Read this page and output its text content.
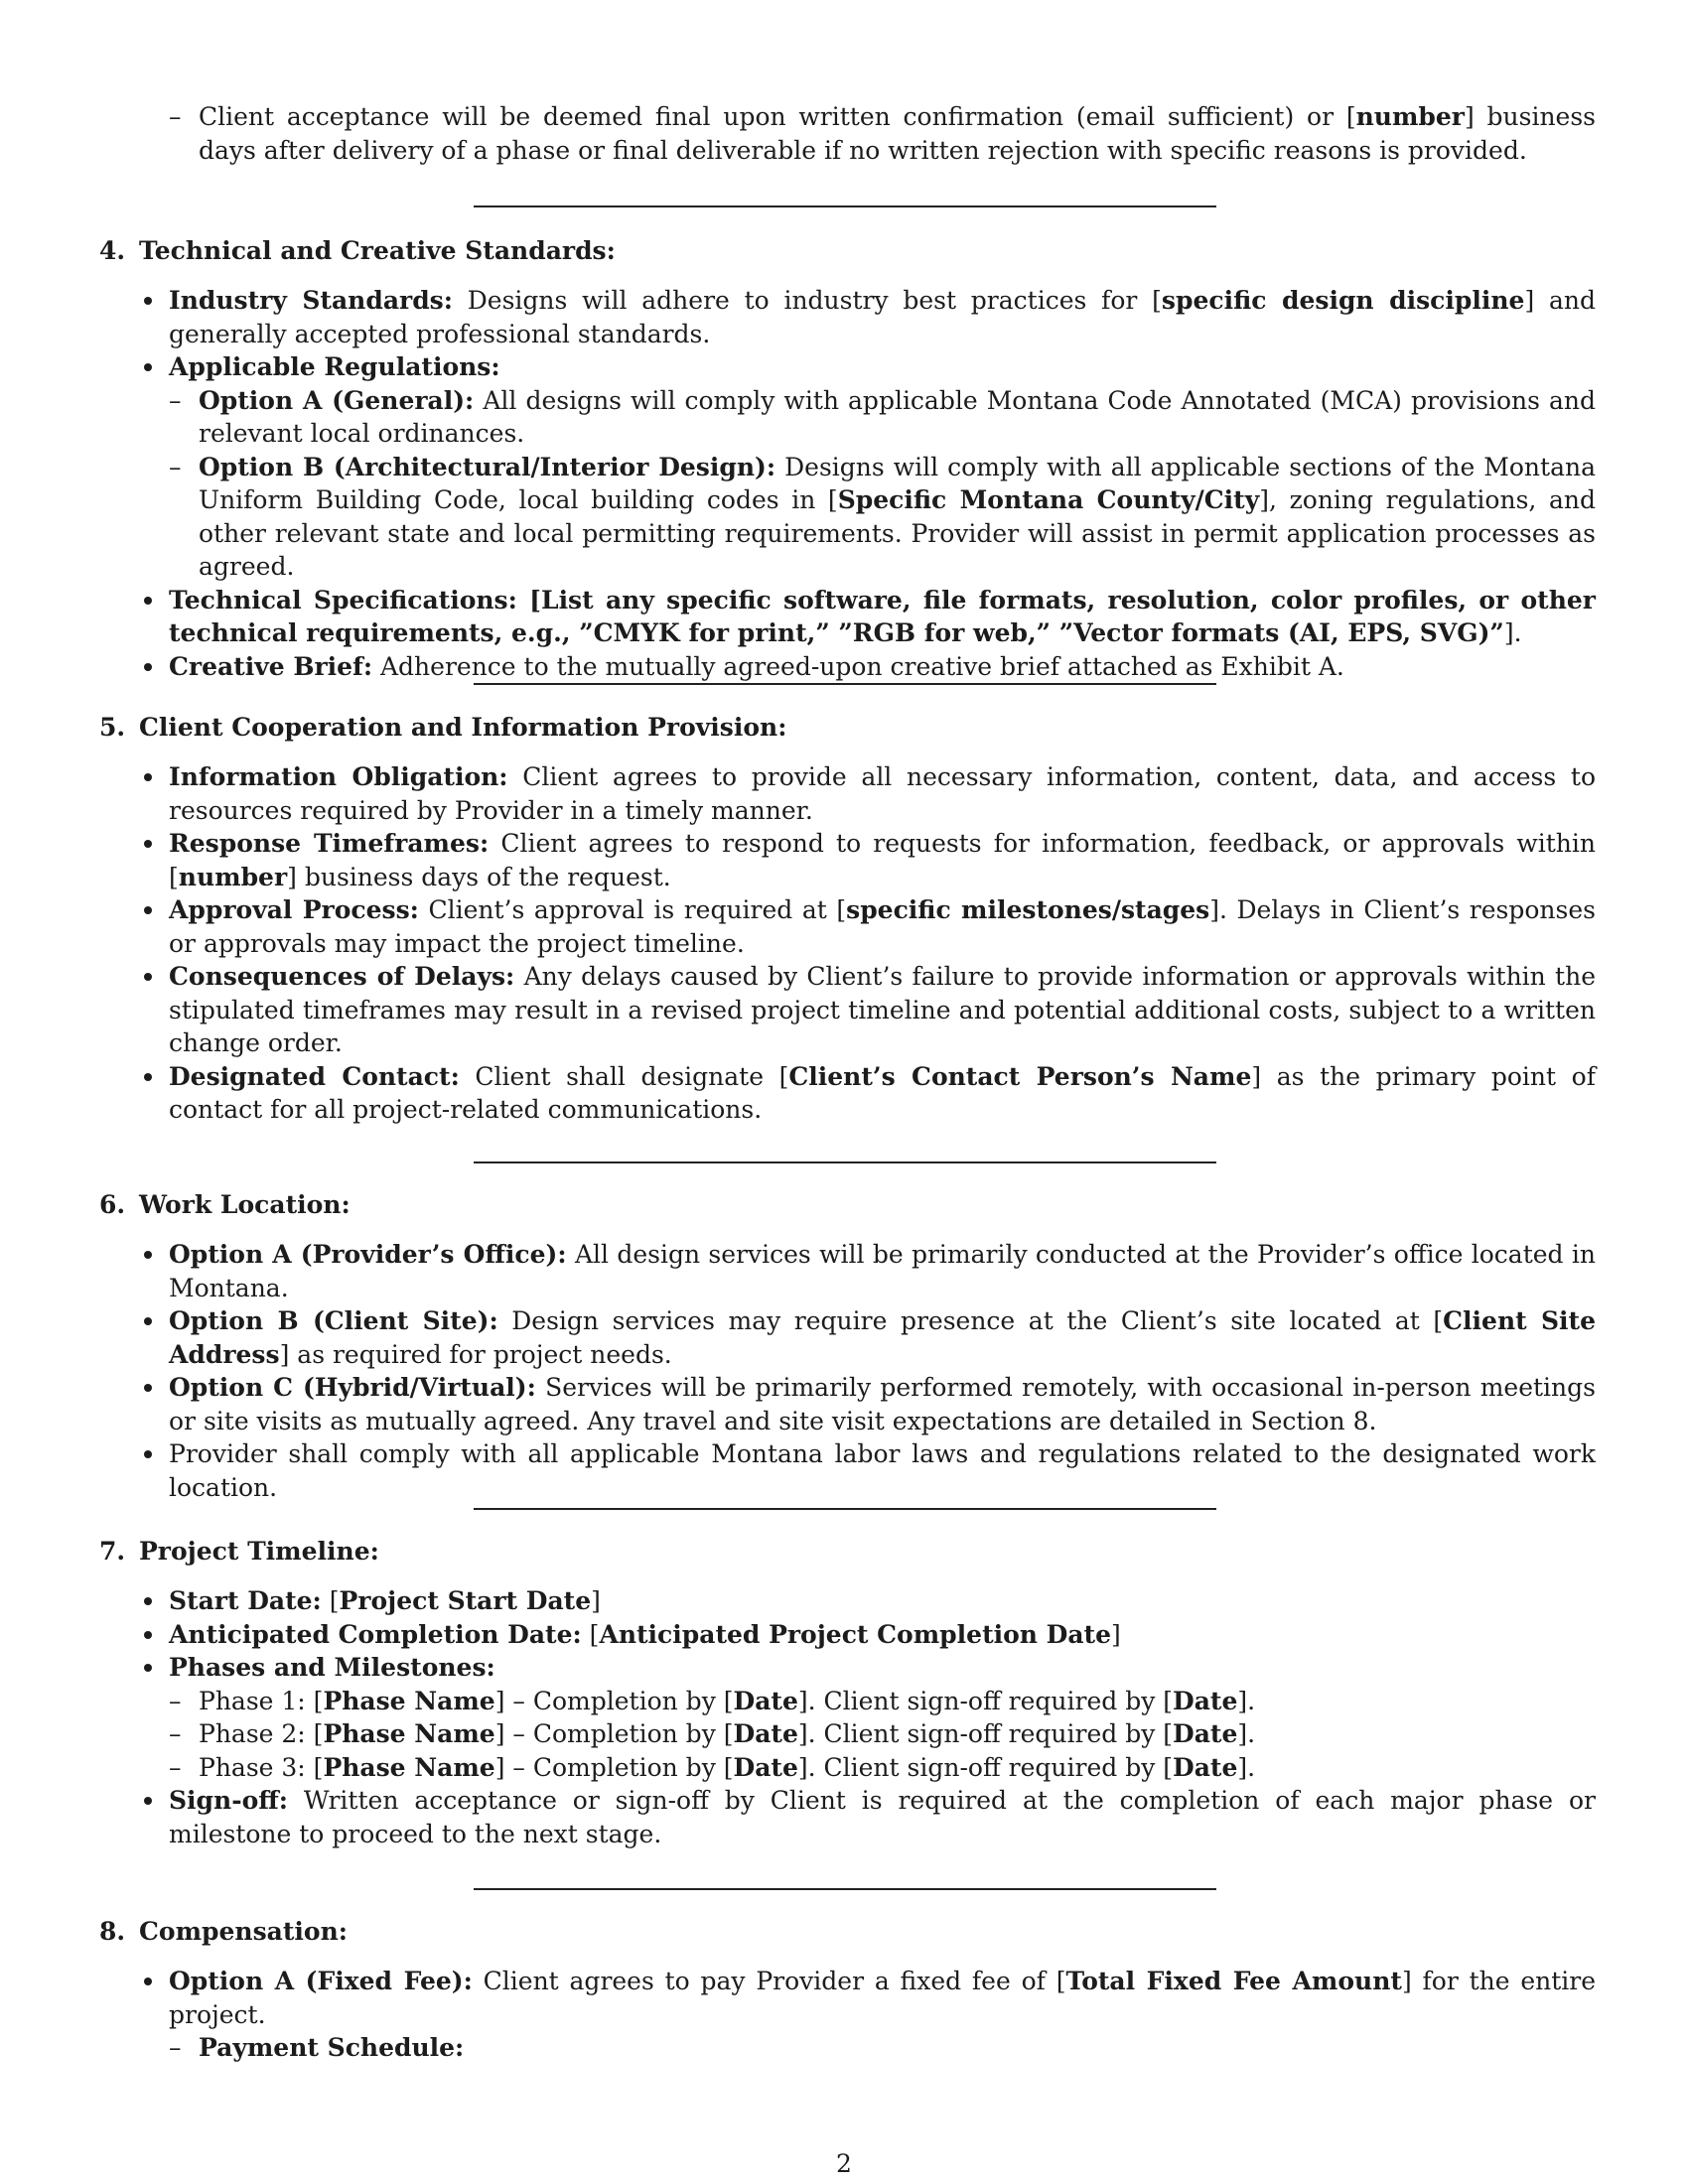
– Client acceptance will be deemed final upon written confirmation (email sufficient) or [number] business days after delivery of a phase or final deliverable if no written rejection with specific reasons is provided.
4. Technical and Creative Standards:
Industry Standards: Designs will adhere to industry best practices for [specific design discipline] and generally accepted professional standards.
Applicable Regulations:
– Option A (General): All designs will comply with applicable Montana Code Annotated (MCA) provisions and relevant local ordinances.
– Option B (Architectural/Interior Design): Designs will comply with all applicable sections of the Montana Uniform Building Code, local building codes in [Specific Montana County/City], zoning regulations, and other relevant state and local permitting requirements. Provider will assist in permit application processes as agreed.
Technical Specifications: [List any specific software, file formats, resolution, color profiles, or other technical requirements, e.g., ”CMYK for print,” ”RGB for web,” ”Vector formats (AI, EPS, SVG)”].
Creative Brief: Adherence to the mutually agreed-upon creative brief attached as Exhibit A.
5. Client Cooperation and Information Provision:
Information Obligation: Client agrees to provide all necessary information, content, data, and access to resources required by Provider in a timely manner.
Response Timeframes: Client agrees to respond to requests for information, feedback, or approvals within [number] business days of the request.
Approval Process: Client’s approval is required at [specific milestones/stages]. Delays in Client’s responses or approvals may impact the project timeline.
Consequences of Delays: Any delays caused by Client’s failure to provide information or approvals within the stipulated timeframes may result in a revised project timeline and potential additional costs, subject to a written change order.
Designated Contact: Client shall designate [Client’s Contact Person’s Name] as the primary point of contact for all project-related communications.
6. Work Location:
Option A (Provider’s Office): All design services will be primarily conducted at the Provider’s office located in Montana.
Option B (Client Site): Design services may require presence at the Client’s site located at [Client Site Address] as required for project needs.
Option C (Hybrid/Virtual): Services will be primarily performed remotely, with occasional in-person meetings or site visits as mutually agreed. Any travel and site visit expectations are detailed in Section 8.
Provider shall comply with all applicable Montana labor laws and regulations related to the designated work location.
7. Project Timeline:
Start Date: [Project Start Date]
Anticipated Completion Date: [Anticipated Project Completion Date]
Phases and Milestones:
– Phase 1: [Phase Name] – Completion by [Date]. Client sign-off required by [Date].
– Phase 2: [Phase Name] – Completion by [Date]. Client sign-off required by [Date].
– Phase 3: [Phase Name] – Completion by [Date]. Client sign-off required by [Date].
Sign-off: Written acceptance or sign-off by Client is required at the completion of each major phase or milestone to proceed to the next stage.
8. Compensation:
Option A (Fixed Fee): Client agrees to pay Provider a fixed fee of [Total Fixed Fee Amount] for the entire project.
– Payment Schedule:
2
